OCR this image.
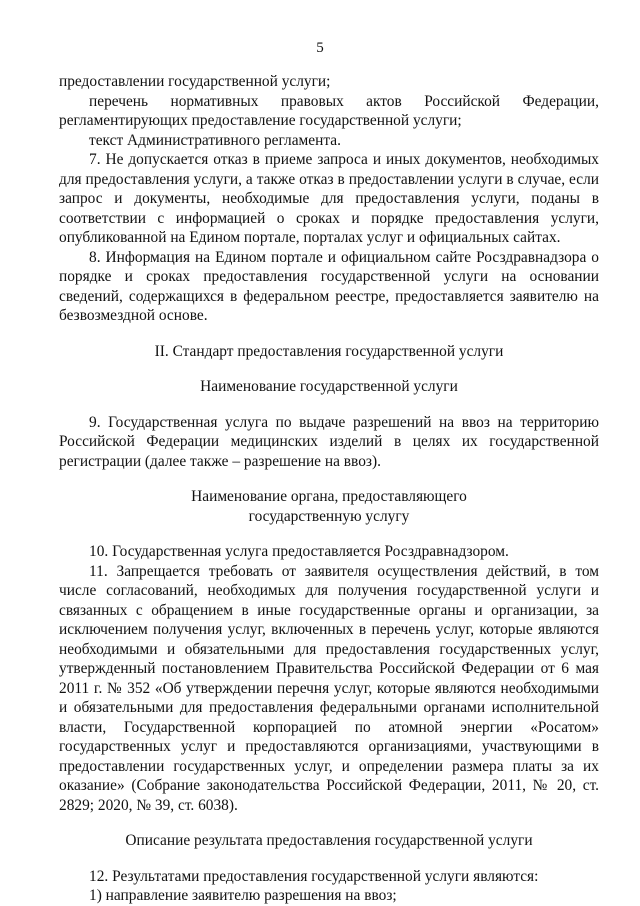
5

предоставлении государственной услуги;

перечень нормативных правовых актов Российской Федерации, регламентирующих предоставление государственной услуги;

текст Административного регламента.

7. Не допускается отказ в приеме запроса и иных документов, необходимых для предоставления услуги, а также отказ в предоставлении услуги в случае, если запрос и документы, необходимые для предоставления услуги, поданы в соответствии с информацией о сроках и порядке предоставления услуги, опубликованной на Едином портале, порталах услуг и официальных сайтах.

8. Информация на Едином портале и официальном сайте Росздравнадзора о порядке и сроках предоставления государственной услуги на основании сведений, содержащихся в федеральном реестре, предоставляется заявителю на безвозмездной основе.

II. Стандарт предоставления государственной услуги

Наименование государственной услуги

9. Государственная услуга по выдаче разрешений на ввоз на территорию Российской Федерации медицинских изделий в целях их государственной регистрации (далее также – разрешение на ввоз).

Наименование органа, предоставляющего

государственную услугу

10. Государственная услуга предоставляется Росздравнадзором.

11. Запрещается требовать от заявителя осуществления действий, в том числе согласований, необходимых для получения государственной услуги и связанных с обращением в иные государственные органы и организации, за исключением получения услуг, включенных в перечень услуг, которые являются необходимыми и обязательными для предоставления государственных услуг, утвержденный постановлением Правительства Российской Федерации от 6 мая 2011 г. № 352 «Об утверждении перечня услуг, которые являются необходимыми и обязательными для предоставления федеральными органами исполнительной власти, Государственной корпорацией по атомной энергии «Росатом» государственных услуг и предоставляются организациями, участвующими в предоставлении государственных услуг, и определении размера платы за их оказание» (Собрание законодательства Российской Федерации, 2011, № 20, ст. 2829; 2020, № 39, ст. 6038).

Описание результата предоставления государственной услуги

12. Результатами предоставления государственной услуги являются:

1) направление заявителю разрешения на ввоз;
